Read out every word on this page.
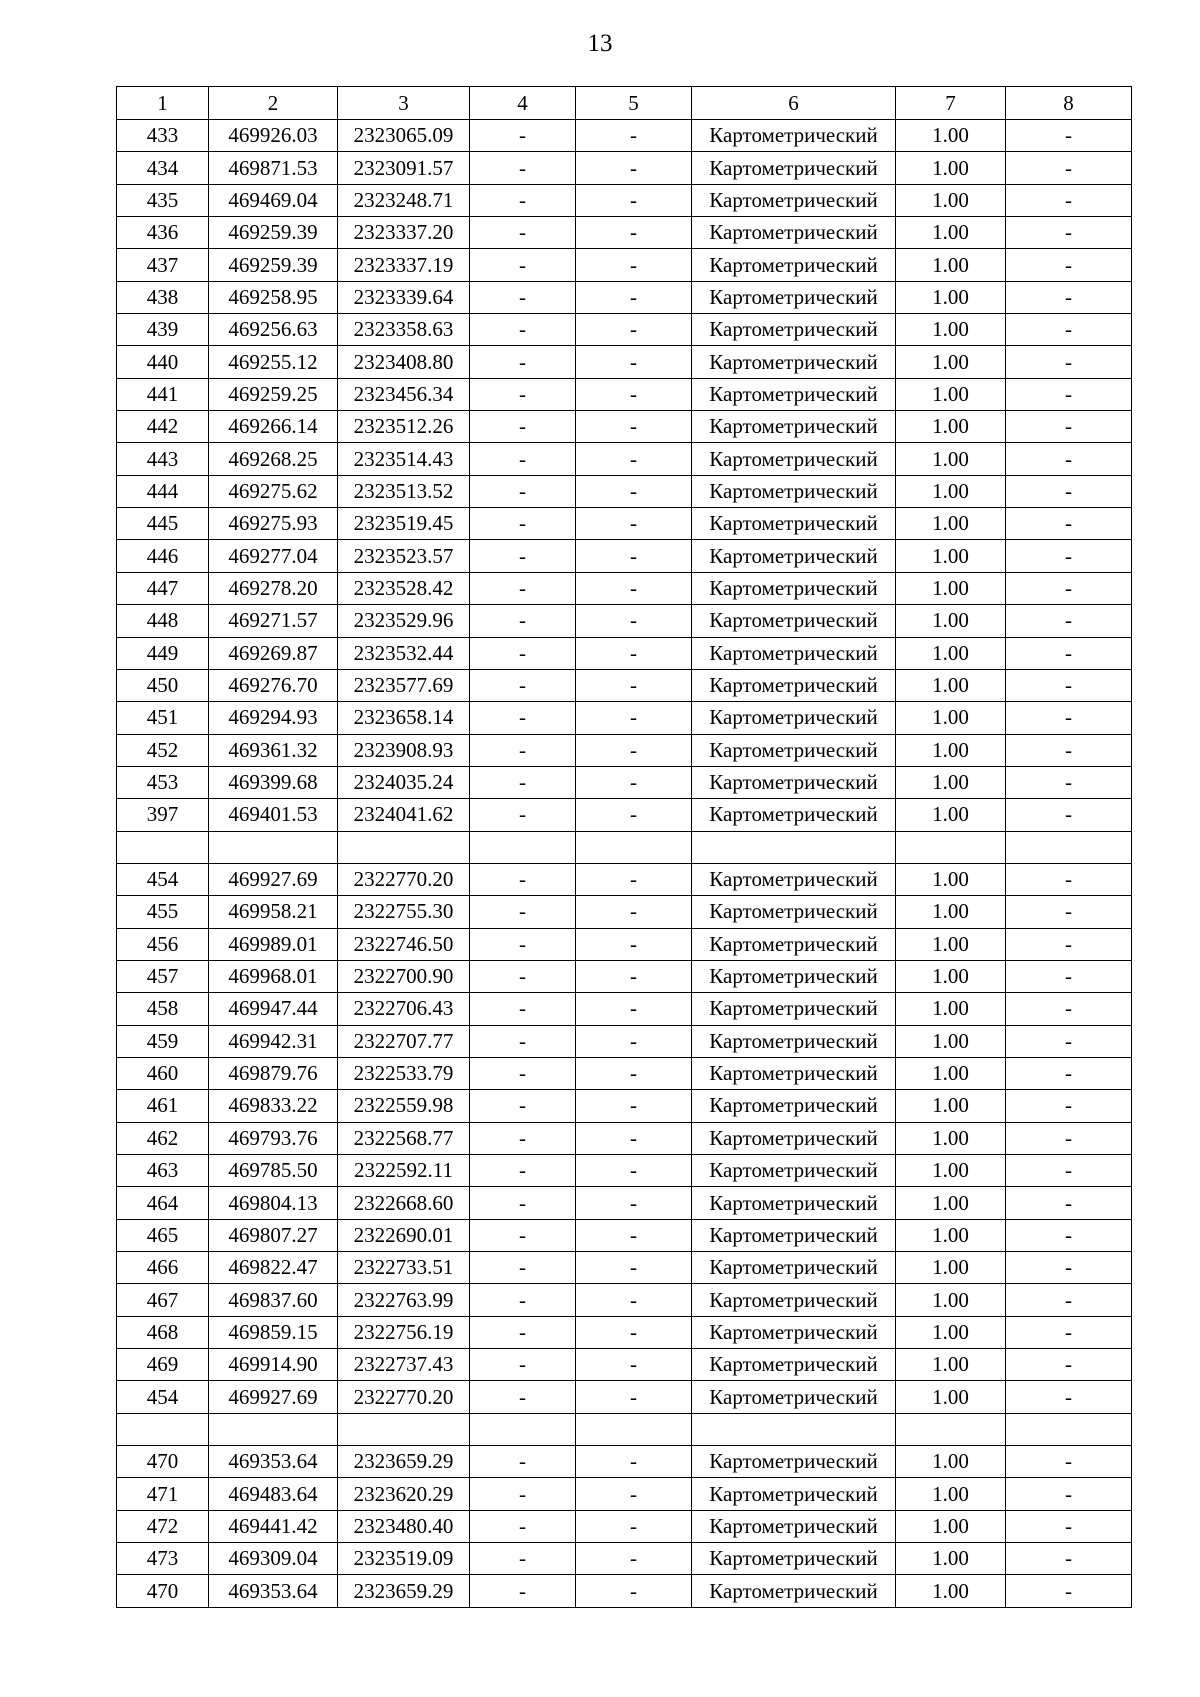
13
1	2	3	4	5	6	7	8
433	469926.03	2323065.09	-	-	Картометрический	1.00	-
434	469871.53	2323091.57	-	-	Картометрический	1.00	-
435	469469.04	2323248.71	-	-	Картометрический	1.00	-
436	469259.39	2323337.20	-	-	Картометрический	1.00	-
437	469259.39	2323337.19	-	-	Картометрический	1.00	-
438	469258.95	2323339.64	-	-	Картометрический	1.00	-
439	469256.63	2323358.63	-	-	Картометрический	1.00	-
440	469255.12	2323408.80	-	-	Картометрический	1.00	-
441	469259.25	2323456.34	-	-	Картометрический	1.00	-
442	469266.14	2323512.26	-	-	Картометрический	1.00	-
443	469268.25	2323514.43	-	-	Картометрический	1.00	-
444	469275.62	2323513.52	-	-	Картометрический	1.00	-
445	469275.93	2323519.45	-	-	Картометрический	1.00	-
446	469277.04	2323523.57	-	-	Картометрический	1.00	-
447	469278.20	2323528.42	-	-	Картометрический	1.00	-
448	469271.57	2323529.96	-	-	Картометрический	1.00	-
449	469269.87	2323532.44	-	-	Картометрический	1.00	-
450	469276.70	2323577.69	-	-	Картометрический	1.00	-
451	469294.93	2323658.14	-	-	Картометрический	1.00	-
452	469361.32	2323908.93	-	-	Картометрический	1.00	-
453	469399.68	2324035.24	-	-	Картометрический	1.00	-
397	469401.53	2324041.62	-	-	Картометрический	1.00	-

454	469927.69	2322770.20	-	-	Картометрический	1.00	-
455	469958.21	2322755.30	-	-	Картометрический	1.00	-
456	469989.01	2322746.50	-	-	Картометрический	1.00	-
457	469968.01	2322700.90	-	-	Картометрический	1.00	-
458	469947.44	2322706.43	-	-	Картометрический	1.00	-
459	469942.31	2322707.77	-	-	Картометрический	1.00	-
460	469879.76	2322533.79	-	-	Картометрический	1.00	-
461	469833.22	2322559.98	-	-	Картометрический	1.00	-
462	469793.76	2322568.77	-	-	Картометрический	1.00	-
463	469785.50	2322592.11	-	-	Картометрический	1.00	-
464	469804.13	2322668.60	-	-	Картометрический	1.00	-
465	469807.27	2322690.01	-	-	Картометрический	1.00	-
466	469822.47	2322733.51	-	-	Картометрический	1.00	-
467	469837.60	2322763.99	-	-	Картометрический	1.00	-
468	469859.15	2322756.19	-	-	Картометрический	1.00	-
469	469914.90	2322737.43	-	-	Картометрический	1.00	-
454	469927.69	2322770.20	-	-	Картометрический	1.00	-

470	469353.64	2323659.29	-	-	Картометрический	1.00	-
471	469483.64	2323620.29	-	-	Картометрический	1.00	-
472	469441.42	2323480.40	-	-	Картометрический	1.00	-
473	469309.04	2323519.09	-	-	Картометрический	1.00	-
470	469353.64	2323659.29	-	-	Картометрический	1.00	-
